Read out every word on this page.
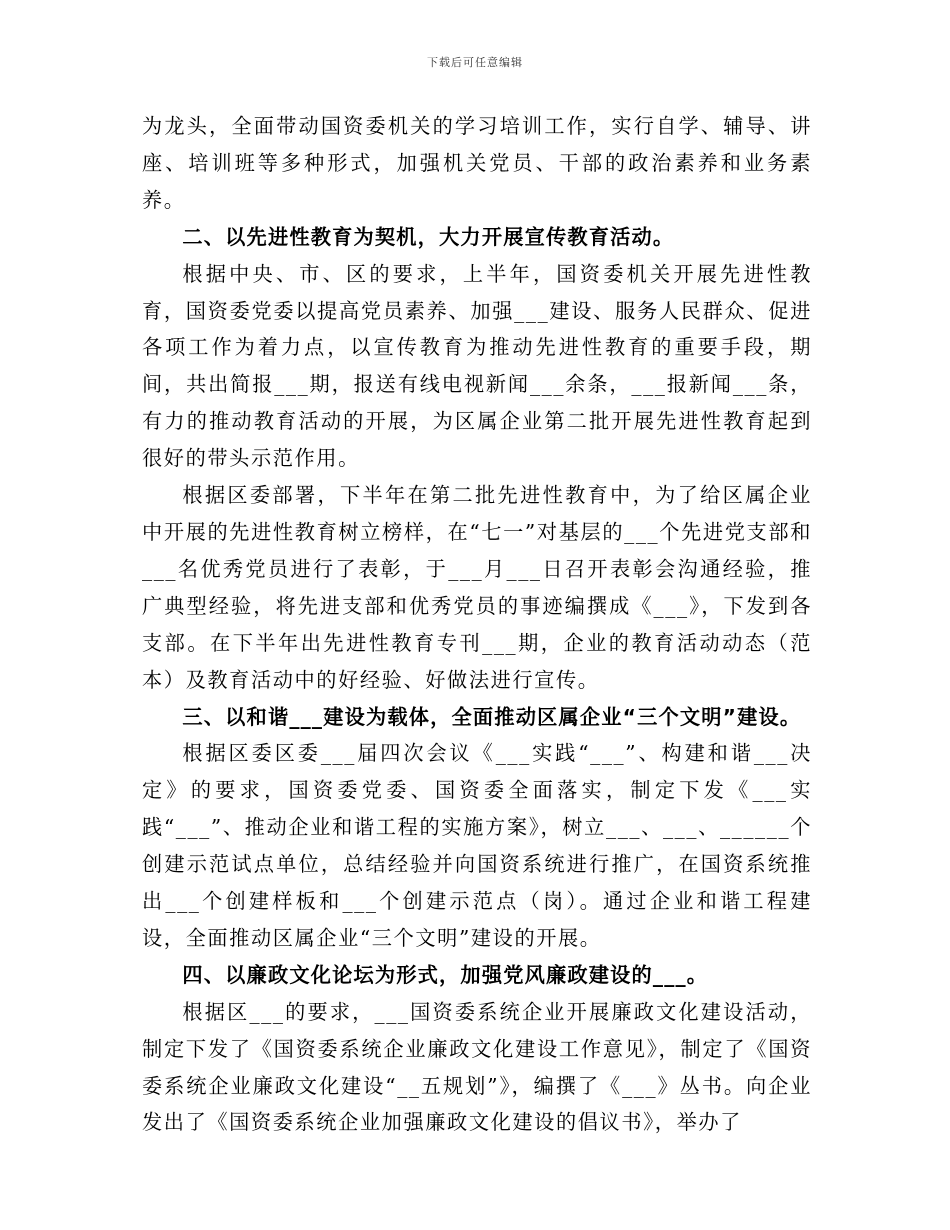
下载后可任意编辑

为龙头，全面带动国资委机关的学习培训工作，实行自学、辅导、讲座、培训班等多种形式，加强机关党员、干部的政治素养和业务素养。

二、以先进性教育为契机，大力开展宣传教育活动。

根据中央、市、区的要求，上半年，国资委机关开展先进性教育，国资委党委以提高党员素养、加强___建设、服务人民群众、促进各项工作为着力点，以宣传教育为推动先进性教育的重要手段，期间，共出简报___期，报送有线电视新闻___余条，___报新闻___条，有力的推动教育活动的开展，为区属企业第二批开展先进性教育起到很好的带头示范作用。

根据区委部署，下半年在第二批先进性教育中，为了给区属企业中开展的先进性教育树立榜样，在“七一”对基层的___个先进党支部和___名优秀党员进行了表彰，于___月___日召开表彰会沟通经验，推广典型经验，将先进支部和优秀党员的事迹编撰成《___》，下发到各支部。在下半年出先进性教育专刊___期，企业的教育活动动态（范本）及教育活动中的好经验、好做法进行宣传。

三、以和谐___建设为载体，全面推动区属企业“三个文明”建设。

根据区委区委___届四次会议《___实践“___”、构建和谐___决定》的要求，国资委党委、国资委全面落实，制定下发《___实践“___”、推动企业和谐工程的实施方案》，树立___、___、______个创建示范试点单位，总结经验并向国资系统进行推广，在国资系统推出___个创建样板和___个创建示范点（岗）。通过企业和谐工程建设，全面推动区属企业“三个文明”建设的开展。

四、以廉政文化论坛为形式，加强党风廉政建设的___。

根据区___的要求，___国资委系统企业开展廉政文化建设活动，制定下发了《国资委系统企业廉政文化建设工作意见》，制定了《国资委系统企业廉政文化建设“__五规划”》，编撰了《___》丛书。向企业发出了《国资委系统企业加强廉政文化建设的倡议书》，举办了
